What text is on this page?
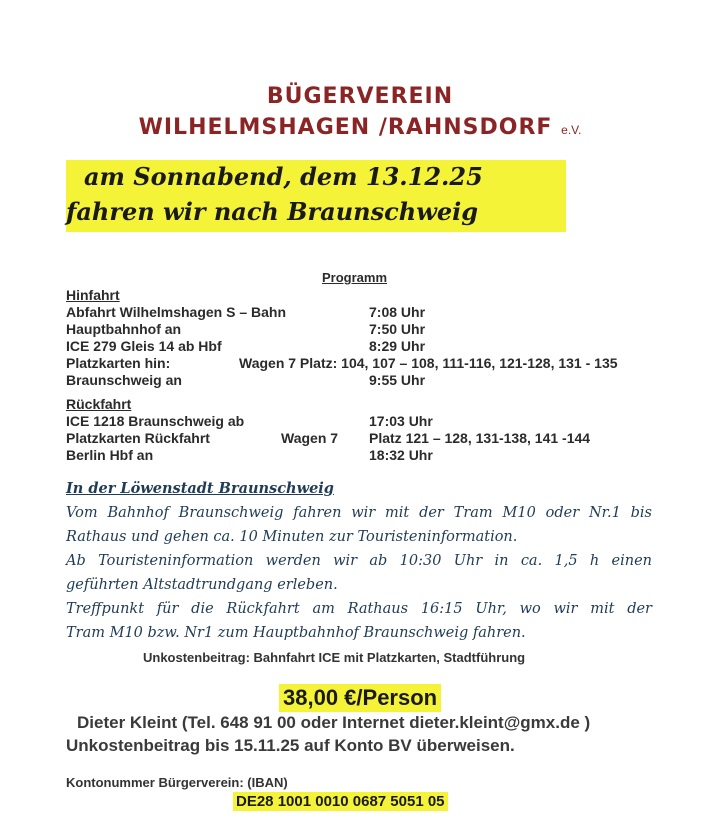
BÜGERVEREIN
WILHELMSHAGEN /RAHNSDORF e.V.
am Sonnabend, dem 13.12.25
fahren wir nach Braunschweig
Programm
Hinfahrt
Abfahrt Wilhelmshagen S – Bahn	7:08 Uhr
Hauptbahnhof an	7:50 Uhr
ICE 279 Gleis 14 ab Hbf	8:29 Uhr
Platzkarten hin:	Wagen 7 Platz: 104, 107 – 108, 111-116, 121-128, 131 - 135
Braunschweig an	9:55 Uhr
Rückfahrt
ICE 1218 Braunschweig ab	17:03 Uhr
Platzkarten Rückfahrt	Wagen 7 Platz 121 – 128, 131-138, 141 -144
Berlin Hbf an	18:32 Uhr

In der Löwenstadt Braunschweig

Vom Bahnhof Braunschweig fahren wir mit der Tram M10 oder Nr.1 bis

Rathaus und gehen ca. 10 Minuten zur Touristeninformation.

Ab Touristeninformation werden wir ab 10:30 Uhr in ca. 1,5 h einen

geführten Altstadtrundgang erleben.

Treffpunkt für die Rückfahrt am Rathaus 16:15 Uhr, wo wir mit der

Tram M10 bzw. Nr1 zum Hauptbahnhof Braunschweig fahren.

Unkostenbeitrag: Bahnfahrt ICE mit Platzkarten, Stadtführung
38,00 €/Person
Dieter Kleint (Tel. 648 91 00 oder Internet dieter.kleint@gmx.de )
Unkostenbeitrag bis 15.11.25 auf Konto BV überweisen.
Kontonummer Bürgerverein: (IBAN)
DE28 1001 0010 0687 5051 05
